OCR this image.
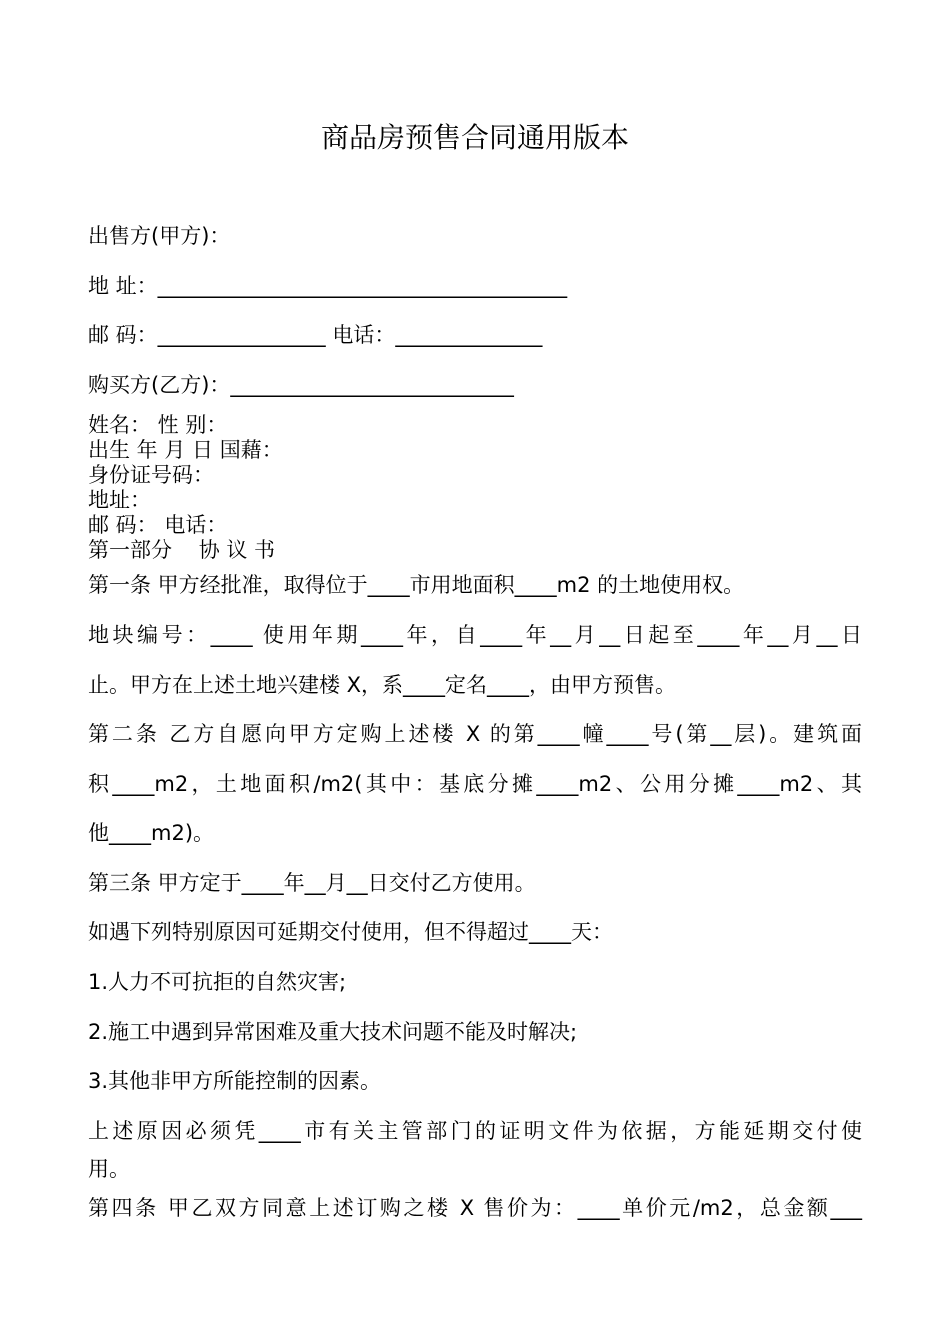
商品房预售合同通用版本
出售方(甲方)：
地 址：_______________________________________
邮 码：________________ 电话：______________
购买方(乙方)：___________________________
姓名： 性 别：
出生 年 月 日 国藉：
身份证号码：
地址：
邮 码： 电话：
第一部分    协 议 书
第一条 甲方经批准，取得位于____市用地面积____m2 的土地使用权。
地块编号：____ 使用年期____年，自____年__月__日起至____年__月__日
止。甲方在上述土地兴建楼 X，系____定名____，由甲方预售。
第二条 乙方自愿向甲方定购上述楼 X 的第____幢____号(第__层)。建筑面
积____m2，土地面积/m2(其中：基底分摊____m2、公用分摊____m2、其
他____m2)。
第三条 甲方定于____年__月__日交付乙方使用。
如遇下列特别原因可延期交付使用，但不得超过____天：
1.人力不可抗拒的自然灾害;
2.施工中遇到异常困难及重大技术问题不能及时解决;
3.其他非甲方所能控制的因素。
上述原因必须凭____市有关主管部门的证明文件为依据，方能延期交付使
用。
第四条 甲乙双方同意上述订购之楼 X 售价为：____单价元/m2，总金额___
